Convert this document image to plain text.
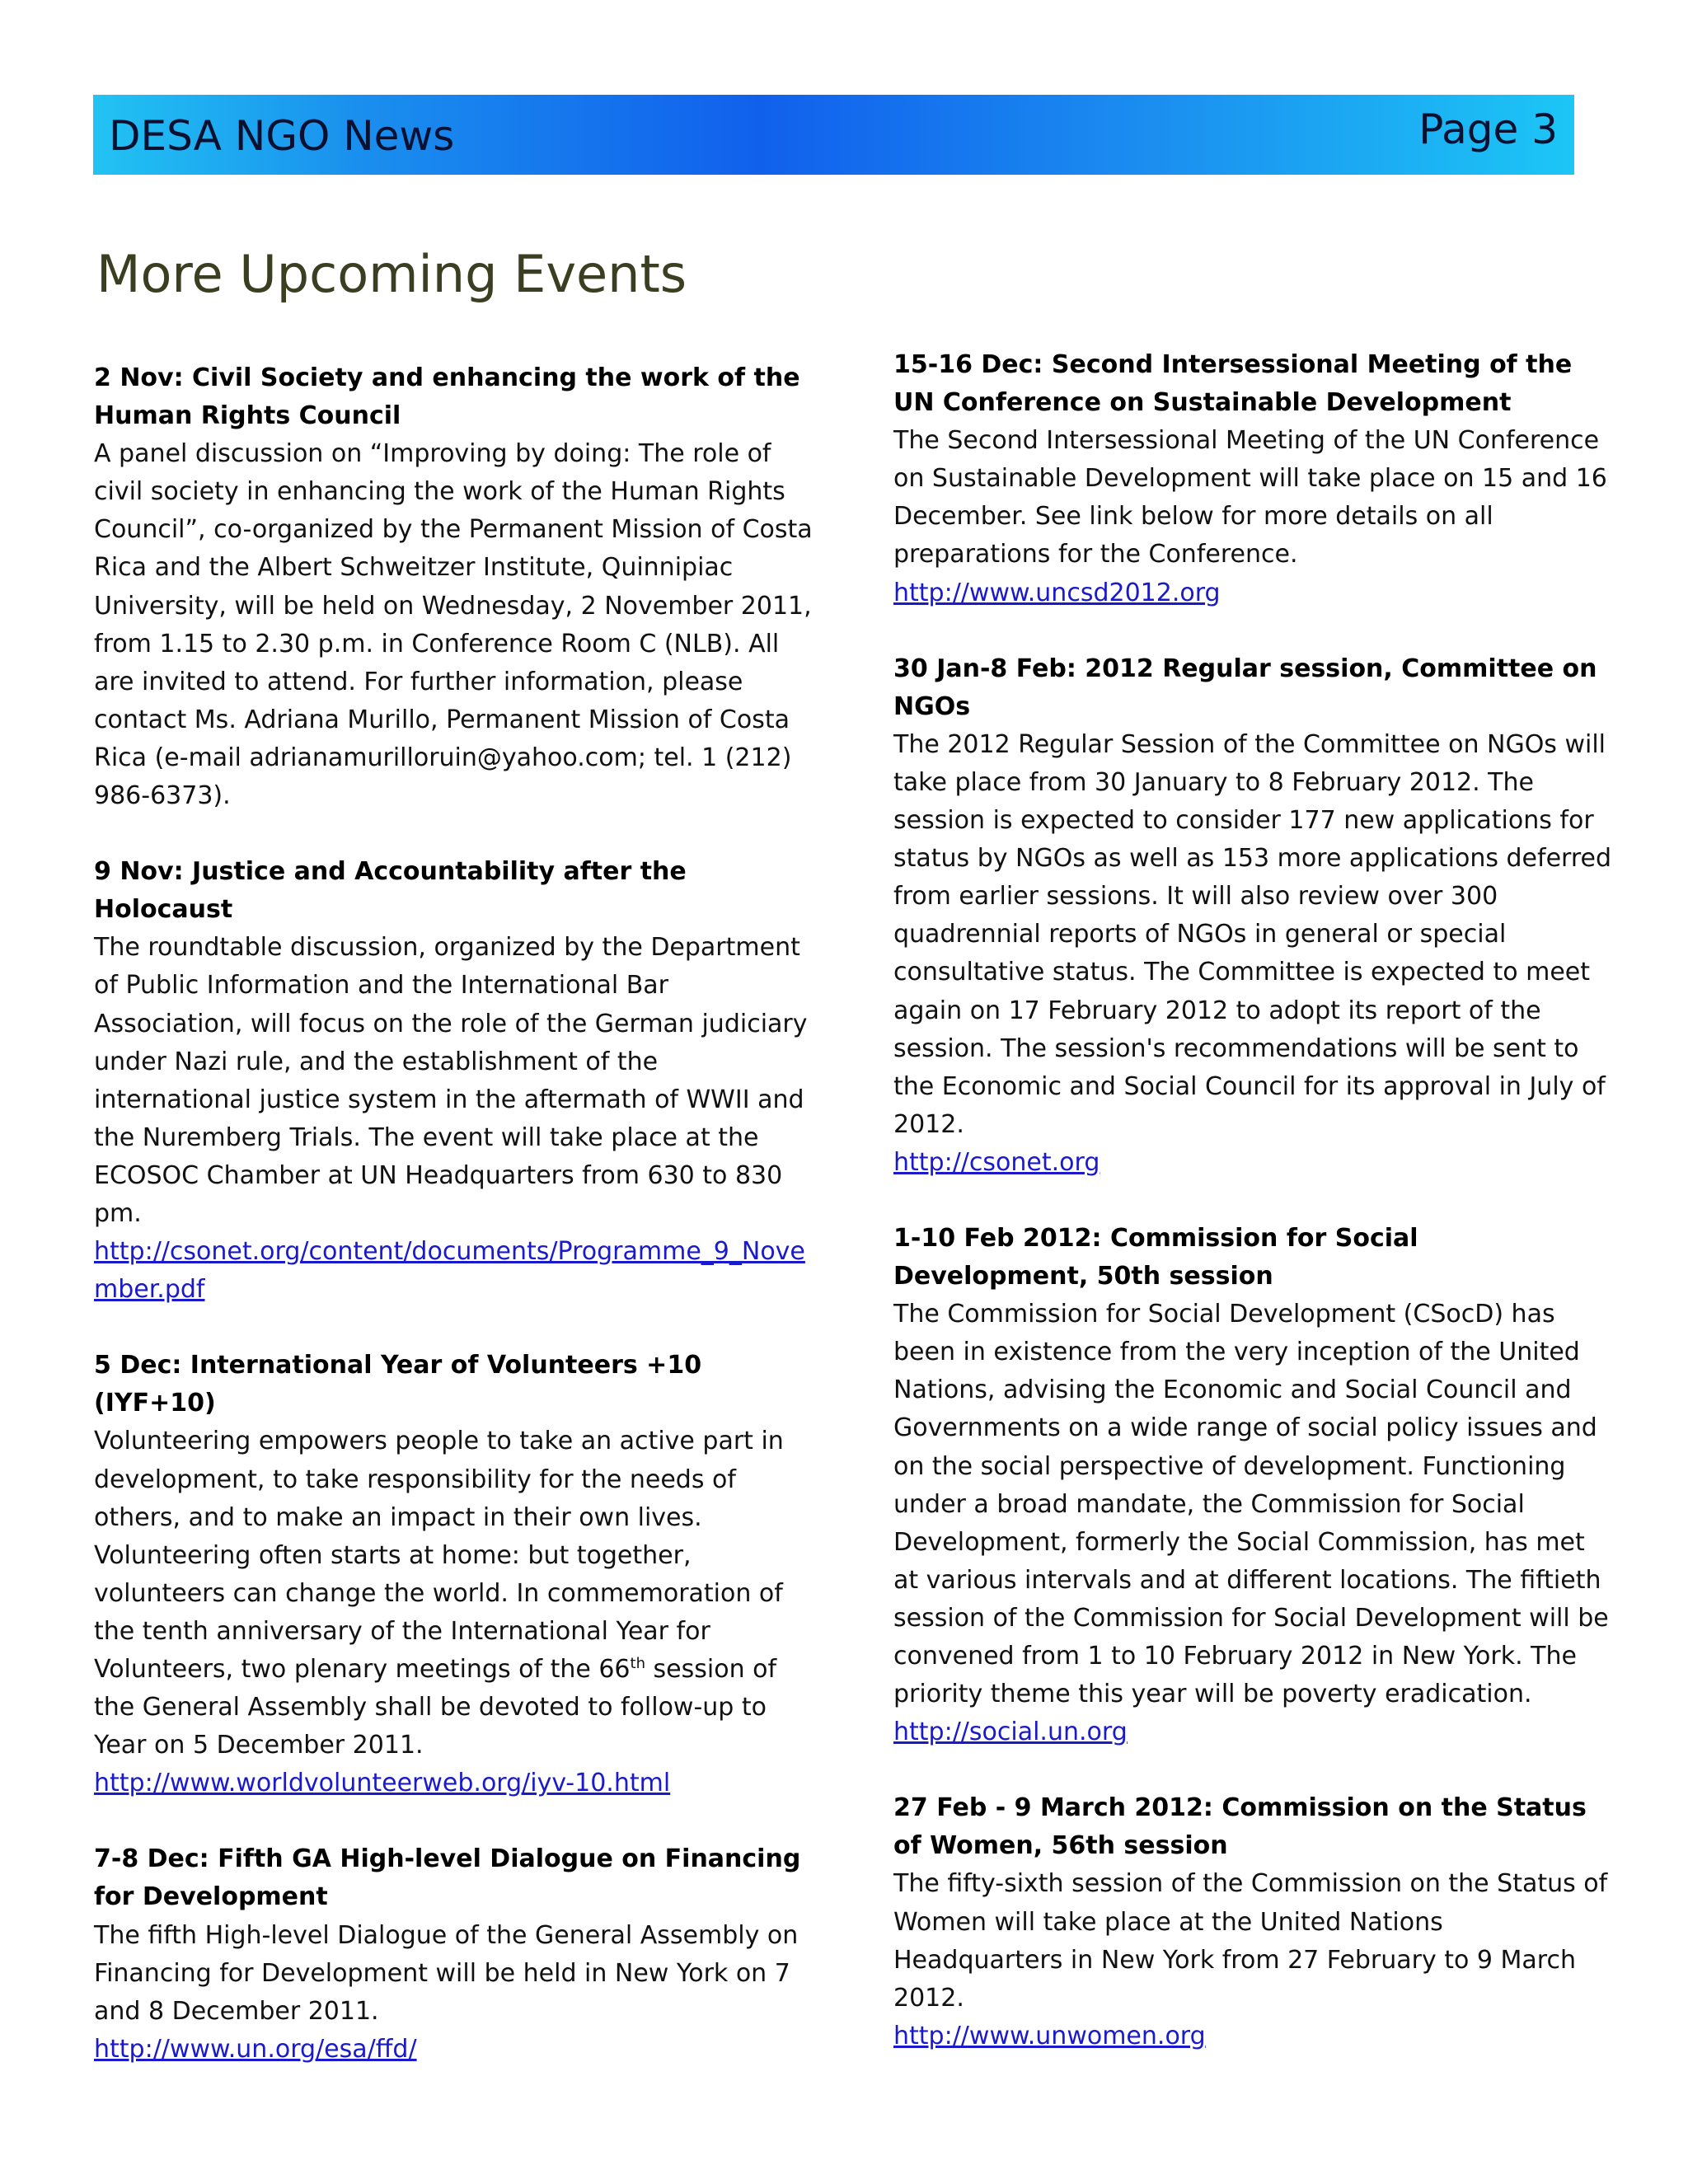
DESA NGO News	Page 3
More Upcoming Events
2 Nov: Civil Society and enhancing the work of the Human Rights Council

A panel discussion on “Improving by doing: The role of civil society in enhancing the work of the Human Rights Council”, co-organized by the Permanent Mission of Costa Rica and the Albert Schweitzer Institute, Quinnipiac University, will be held on Wednesday, 2 November 2011, from 1.15 to 2.30 p.m. in Conference Room C (NLB). All are invited to attend. For further information, please contact Ms. Adriana Murillo, Permanent Mission of Costa Rica (e-mail adrianamurilloruin@yahoo.com; tel. 1 (212) 986-6373).

9 Nov: Justice and Accountability after the Holocaust

The roundtable discussion, organized by the Department of Public Information and the International Bar Association, will focus on the role of the German judiciary under Nazi rule, and the establishment of the international justice system in the aftermath of WWII and the Nuremberg Trials. The event will take place at the ECOSOC Chamber at UN Headquarters from 630 to 830 pm.

http://csonet.org/content/documents/Programme_9_November.pdf
5 Dec: International Year of Volunteers +10 (IYF+10)

Volunteering empowers people to take an active part in development, to take responsibility for the needs of others, and to make an impact in their own lives. Volunteering often starts at home: but together, volunteers can change the world. In commemoration of the tenth anniversary of the International Year for Volunteers, two plenary meetings of the 66th session of the General Assembly shall be devoted to follow-up to Year on 5 December 2011.

http://www.worldvolunteerweb.org/iyv-10.html
7-8 Dec: Fifth GA High-level Dialogue on Financing for Development

The fifth High-level Dialogue of the General Assembly on Financing for Development will be held in New York on 7 and 8 December 2011.

http://www.un.org/esa/ffd/
15-16 Dec: Second Intersessional Meeting of the UN Conference on Sustainable Development

The Second Intersessional Meeting of the UN Conference on Sustainable Development will take place on 15 and 16 December. See link below for more details on all preparations for the Conference.

http://www.uncsd2012.org
30 Jan-8 Feb: 2012 Regular session, Committee on NGOs

The 2012 Regular Session of the Committee on NGOs will take place from 30 January to 8 February 2012. The session is expected to consider 177 new applications for status by NGOs as well as 153 more applications deferred from earlier sessions. It will also review over 300 quadrennial reports of NGOs in general or special consultative status. The Committee is expected to meet again on 17 February 2012 to adopt its report of the session. The session's recommendations will be sent to the Economic and Social Council for its approval in July of 2012.

http://csonet.org
1-10 Feb 2012: Commission for Social Development, 50th session

The Commission for Social Development (CSocD) has been in existence from the very inception of the United Nations, advising the Economic and Social Council and Governments on a wide range of social policy issues and on the social perspective of development. Functioning under a broad mandate, the Commission for Social Development, formerly the Social Commission, has met at various intervals and at different locations. The fiftieth session of the Commission for Social Development will be convened from 1 to 10 February 2012 in New York. The priority theme this year will be poverty eradication.

http://social.un.org
27 Feb - 9 March 2012: Commission on the Status of Women, 56th session

The fifty-sixth session of the Commission on the Status of Women will take place at the United Nations Headquarters in New York from 27 February to 9 March 2012.

http://www.unwomen.org
